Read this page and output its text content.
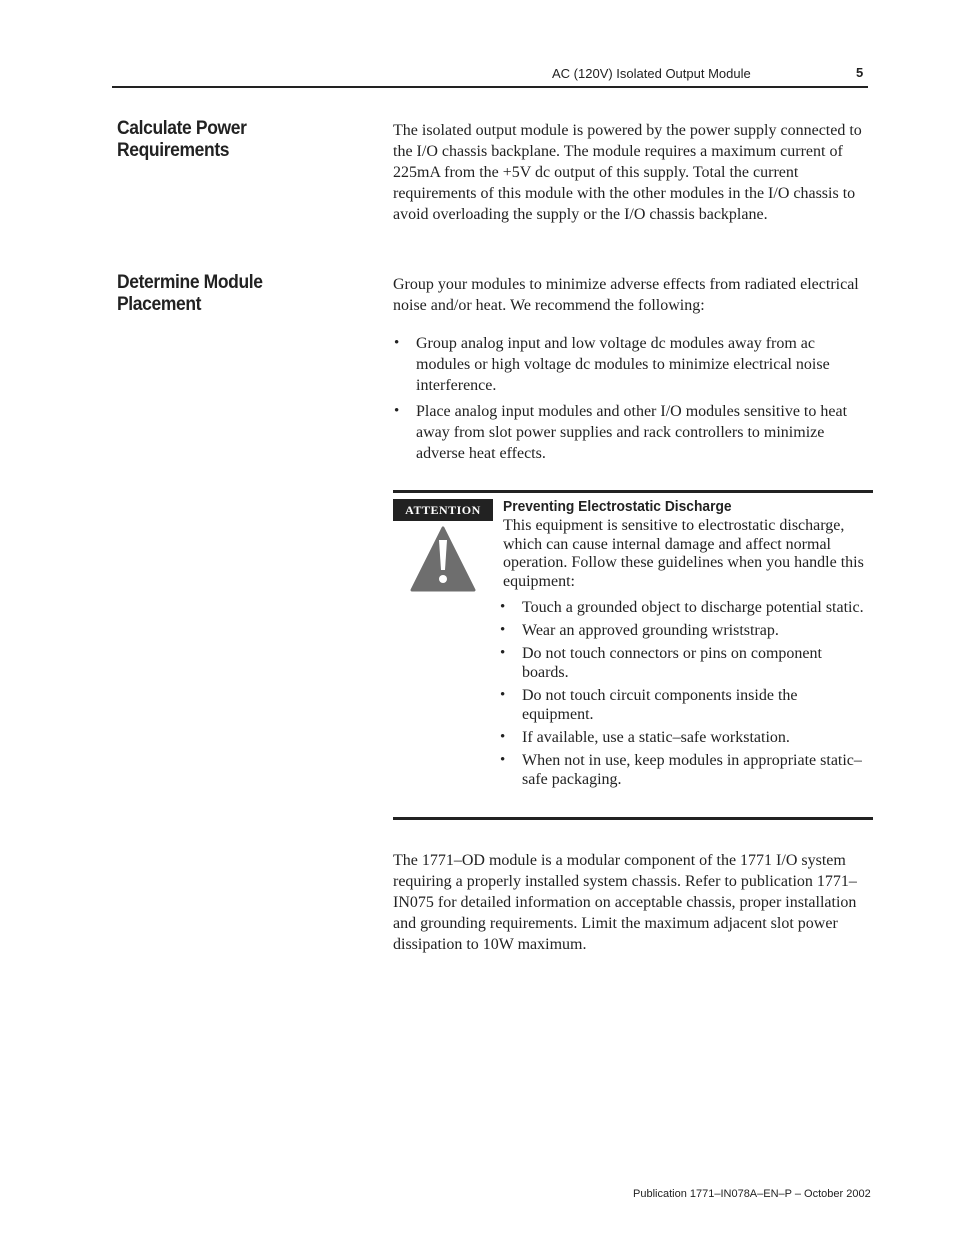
AC (120V) Isolated Output Module	5
Calculate Power Requirements

The isolated output module is powered by the power supply connected to the I/O chassis backplane. The module requires a maximum current of 225mA from the +5V dc output of this supply. Total the current requirements of this module with the other modules in the I/O chassis to avoid overloading the supply or the I/O chassis backplane.

Determine Module Placement

Group your modules to minimize adverse effects from radiated electrical noise and/or heat. We recommend the following:

• Group analog input and low voltage dc modules away from ac modules or high voltage dc modules to minimize electrical noise interference.
• Place analog input modules and other I/O modules sensitive to heat away from slot power supplies and rack controllers to minimize adverse heat effects.
ATTENTION	Preventing Electrostatic Discharge

This equipment is sensitive to electrostatic discharge, which can cause internal damage and affect normal operation. Follow these guidelines when you handle this equipment:

• Touch a grounded object to discharge potential static.
• Wear an approved grounding wriststrap.
• Do not touch connectors or pins on component boards.
• Do not touch circuit components inside the equipment.
• If available, use a static–safe workstation.
• When not in use, keep modules in appropriate static–safe packaging.

The 1771–OD module is a modular component of the 1771 I/O system requiring a properly installed system chassis. Refer to publication 1771–IN075 for detailed information on acceptable chassis, proper installation and grounding requirements. Limit the maximum adjacent slot power dissipation to 10W maximum.

Publication 1771–IN078A–EN–P – October 2002
